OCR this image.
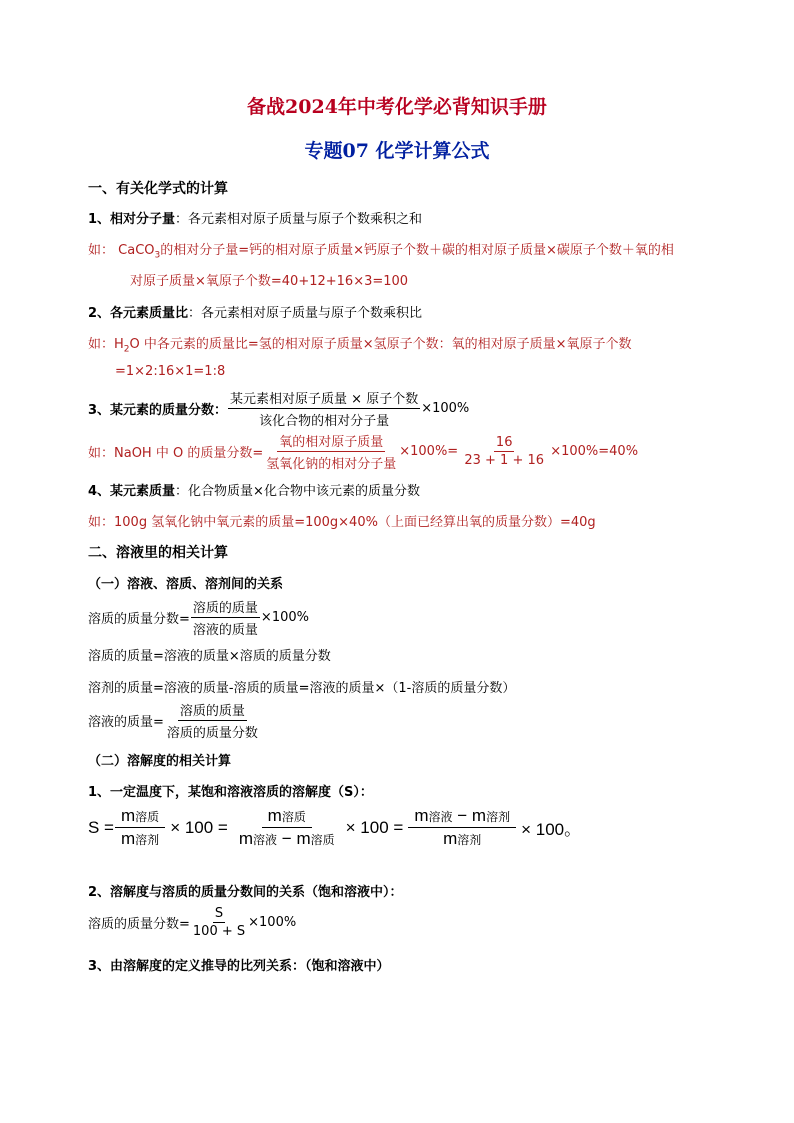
备战2024年中考化学必背知识手册
专题07 化学计算公式
一、有关化学式的计算
1、相对分子量：各元素相对原子质量与原子个数乘积之和
如： CaCO$_3$的相对分子量=钙的相对原子质量×钙原子个数＋碳的相对原子质量×碳原子个数＋氧的相
对原子质量×氧原子个数=40+12+16×3=100
2、各元素质量比：各元素相对原子质量与原子个数乘积比
如：$H_2O$ 中各元素的质量比=氢的相对原子质量×氢原子个数：氧的相对原子质量×氧原子个数
=1×2:16×1=1:8
3、某元素的质量分数： $\frac{\text{某元素相对原子质量 × 原子个数}}{\text{该化合物的相对分子量}} \times 100\%$
如：NaOH 中 O 的质量分数= $\frac{\text{氧的相对原子质量}}{\text{氢氧化钠的相对分子量}} \times 100\%= \frac{16}{23 + 1 + 16} \times 100\%=40\%$
4、某元素质量：化合物质量×化合物中该元素的质量分数
如：100g 氢氧化钠中氧元素的质量=100g×40%（上面已经算出氧的质量分数）=40g
二、溶液里的相关计算
（一）溶液、溶质、溶剂间的关系
溶质的质量分数= $\frac{\text{溶质的质量}}{\text{溶液的质量}} \times 100\%$
溶质的质量=溶液的质量×溶质的质量分数
溶剂的质量=溶液的质量-溶质的质量=溶液的质量×（1-溶质的质量分数）
溶液的质量= $\frac{\text{溶质的质量}}{\text{溶质的质量分数}}$
（二）溶解度的相关计算
1、一定温度下，某饱和溶液溶质的溶解度（S）：
$S = \frac{\text{m溶质}}{\text{m溶剂}} \times 100 = \frac{\text{m溶质}}{\text{m溶液 − m溶质}} \times 100 = \frac{\text{m溶液 − m溶剂}}{\text{m溶剂}} \times 100$。
2、溶解度与溶质的质量分数间的关系（饱和溶液中）：
溶质的质量分数= $\frac{S}{100 + S} \times 100\%$
3、由溶解度的定义推导的比列关系：（饱和溶液中）
